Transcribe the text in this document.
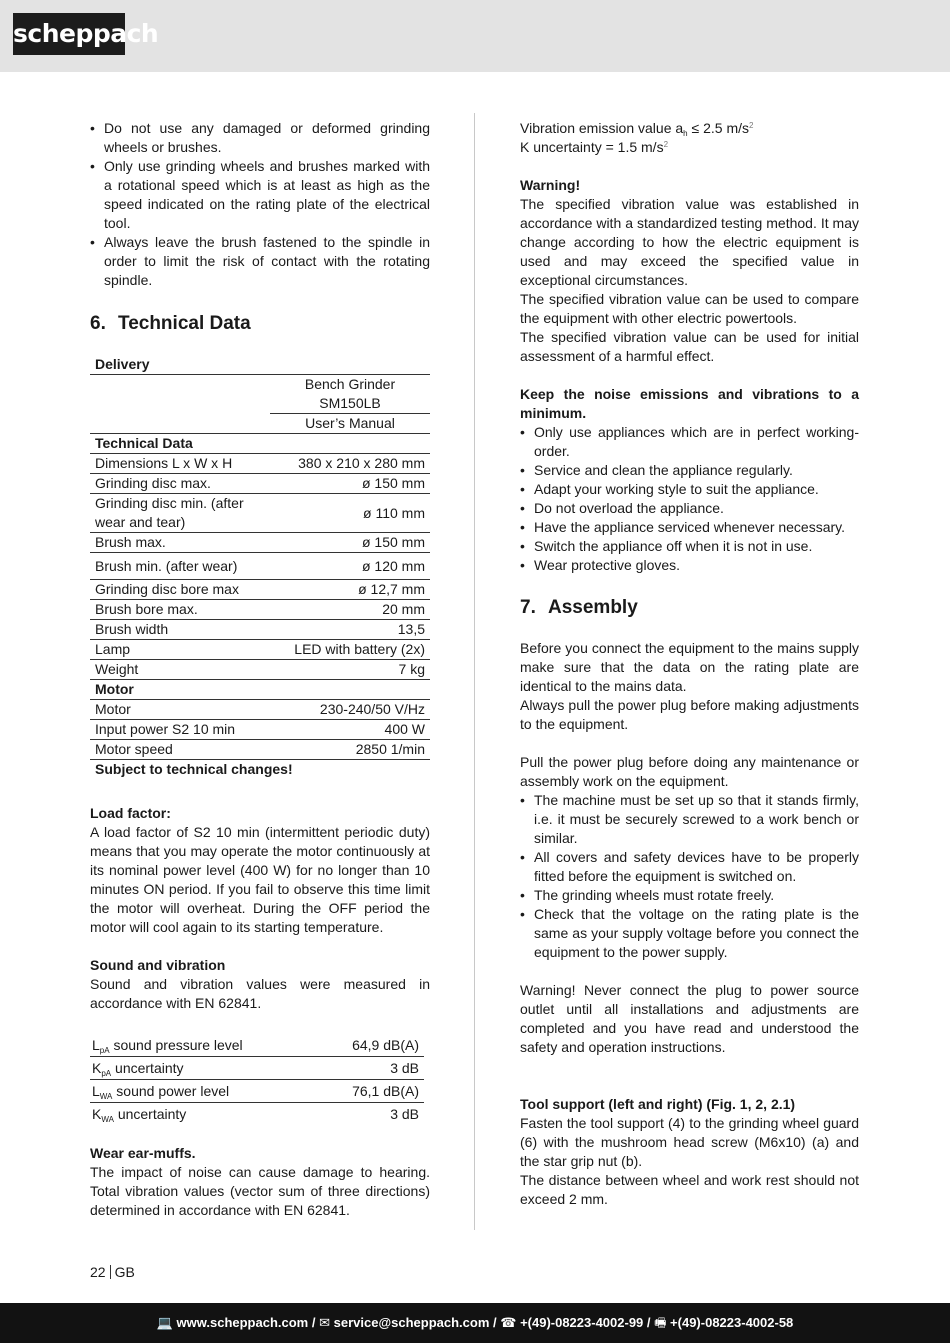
scheppach
• Do not use any damaged or deformed grinding wheels or brushes.
• Only use grinding wheels and brushes marked with a rotational speed which is at least as high as the speed indicated on the rating plate of the electrical tool.
• Always leave the brush fastened to the spindle in order to limit the risk of contact with the rotating spindle.
6. Technical Data
Delivery	
	Bench Grinder
SM150LB
	User’s Manual
Technical Data	
Dimensions L x W x H	380 x 210 x 280 mm
Grinding disc max.	ø 150 mm
Grinding disc min. (after wear and tear)	ø 110 mm
Brush max.	ø 150 mm
Brush min. (after wear)	ø 120 mm
Grinding disc bore max	ø 12,7 mm
Brush bore max.	20 mm
Brush width	13,5
Lamp	LED with battery (2x)
Weight	7 kg
Motor	
Motor	230-240/50 V/Hz
Input power S2 10 min	400 W
Motor speed	2850 1/min
Subject to technical changes!	

Load factor:

A load factor of S2 10 min (intermittent periodic duty) means that you may operate the motor continuously at its nominal power level (400 W) for no longer than 10 minutes ON period. If you fail to observe this time limit the motor will overheat. During the OFF period the motor will cool again to its starting temperature.

Sound and vibration

Sound and vibration values were measured in accordance with EN 62841.

$L_{pA}$ sound pressure level	64,9 dB(A)
$K_{pA}$ uncertainty	3 dB
$L_{WA}$ sound power level	76,1 dB(A)
$K_{WA}$ uncertainty	3 dB

Wear ear-muffs.

The impact of noise can cause damage to hearing. Total vibration values (vector sum of three directions) determined in accordance with EN 62841.

Vibration emission value $a_h \le 2.5$ $m/s^2$

K uncertainty = 1.5 $m/s^2$

Warning!

The specified vibration value was established in accordance with a standardized testing method. It may change according to how the electric equipment is used and may exceed the specified value in exceptional circumstances.

The specified vibration value can be used to compare the equipment with other electric powertools.

The specified vibration value can be used for initial assessment of a harmful effect.

Keep the noise emissions and vibrations to a minimum.

• Only use appliances which are in perfect working-order.
• Service and clean the appliance regularly.
• Adapt your working style to suit the appliance.
• Do not overload the appliance.
• Have the appliance serviced whenever necessary.
• Switch the appliance off when it is not in use.
• Wear protective gloves.
7. Assembly

Before you connect the equipment to the mains supply make sure that the data on the rating plate are identical to the mains data.

Always pull the power plug before making adjustments to the equipment.

Pull the power plug before doing any maintenance or assembly work on the equipment.

• The machine must be set up so that it stands firmly, i.e. it must be securely screwed to a work bench or similar.
• All covers and safety devices have to be properly fitted before the equipment is switched on.
• The grinding wheels must rotate freely.
• Check that the voltage on the rating plate is the same as your supply voltage before you connect the equipment to the power supply.

Warning! Never connect the plug to power source outlet until all installations and adjustments are completed and you have read and understood the safety and operation instructions.

Tool support (left and right) (Fig. 1, 2, 2.1)

Fasten the tool support (4) to the grinding wheel guard (6) with the mushroom head screw (M6x10) (a) and the star grip nut (b).

The distance between wheel and work rest should not exceed 2 mm.

22 GB
💻 www.scheppach.com / ✉ service@scheppach.com / ☎ +(49)-08223-4002-99 / 🖷 +(49)-08223-4002-58
